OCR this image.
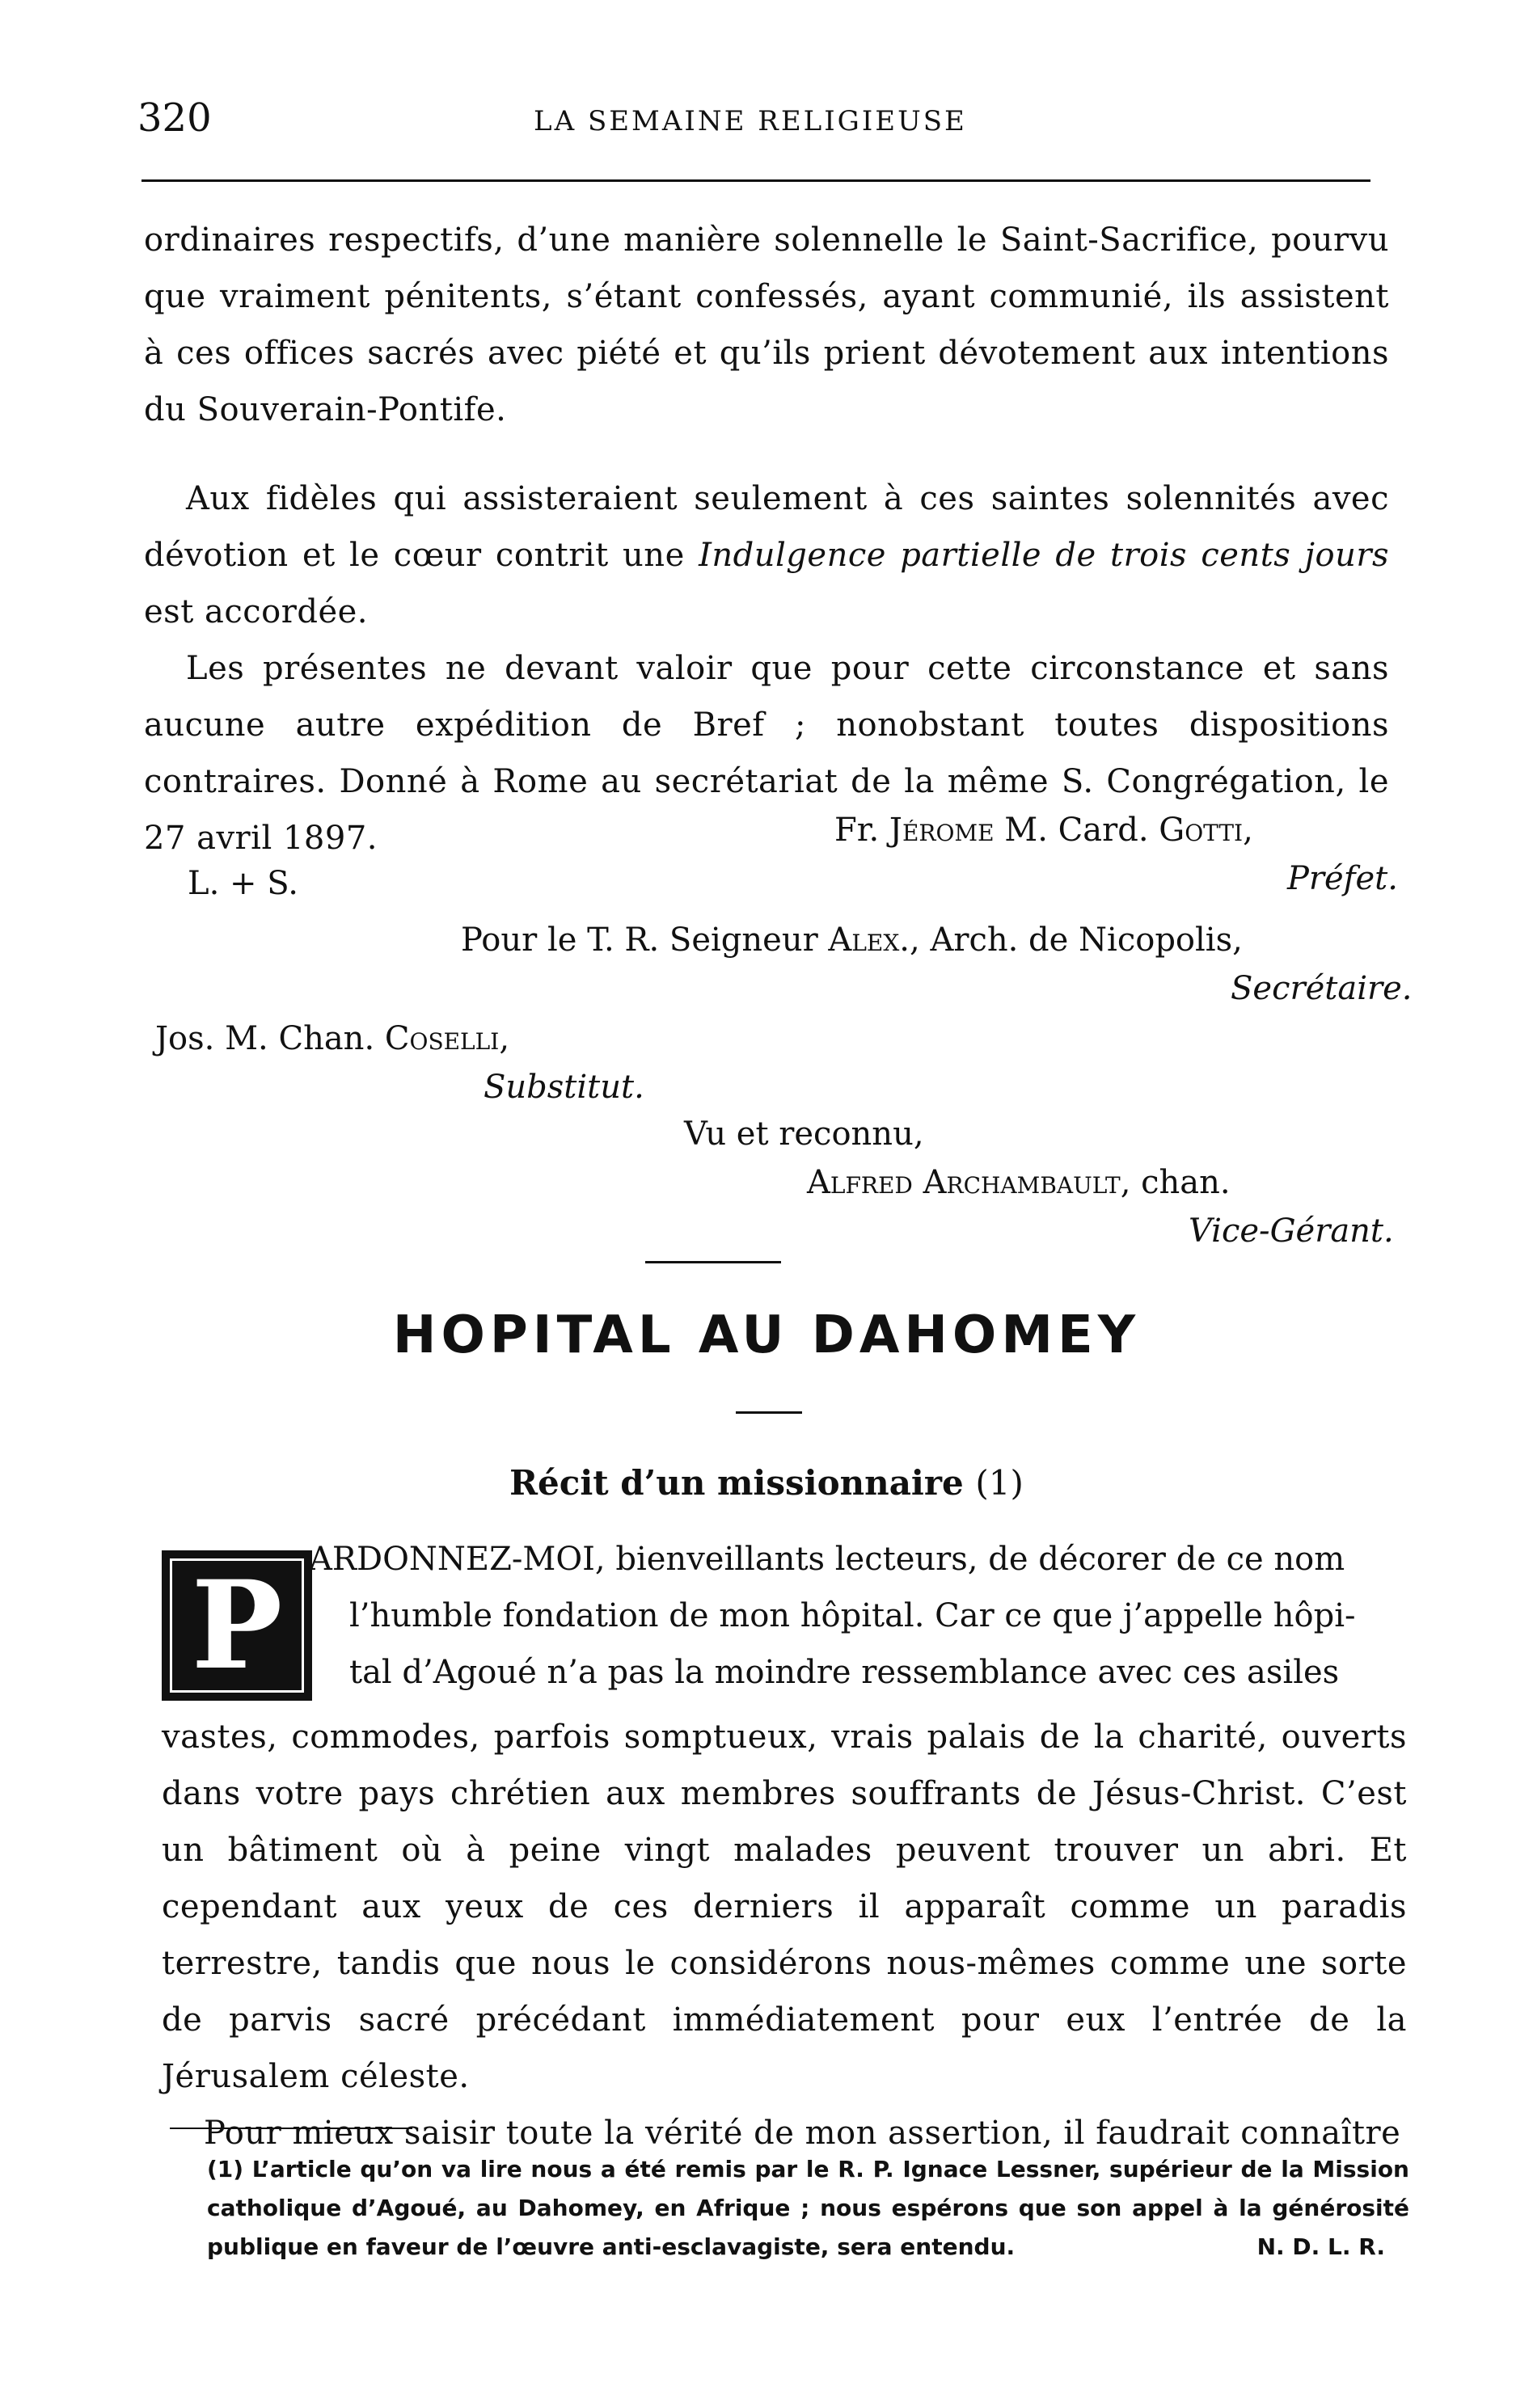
320	LA SEMAINE RELIGIEUSE
ordinaires respectifs, d’une manière solennelle le Saint-Sacrifice, pourvu que vraiment pénitents, s’étant confessés, ayant communié, ils assistent à ces offices sacrés avec piété et qu’ils prient dévotement aux intentions du Souverain-Pontife.

Aux fidèles qui assisteraient seulement à ces saintes solennités avec dévotion et le cœur contrit une Indulgence partielle de trois cents jours est accordée.

Les présentes ne devant valoir que pour cette circonstance et sans aucune autre expédition de Bref ; nonobstant toutes dispositions contraires. Donné à Rome au secrétariat de la même S. Congrégation, le 27 avril 1897.	Fr. Jérome M. Card. Gotti,
L. + S.	Préfet.
Pour le T. R. Seigneur Alex., Arch. de Nicopolis,
Secrétaire.
Jos. M. Chan. Coselli,
Substitut.
Vu et reconnu,
Alfred Archambault, chan.
Vice-Gérant.
HOPITAL AU DAHOMEY
Récit d’un missionnaire (1)
P ARDONNEZ-MOI, bienveillants lecteurs, de décorer de ce nom
l’humble fondation de mon hôpital. Car ce que j’appelle hôpi-
tal d’Agoué n’a pas la moindre ressemblance avec ces asiles

vastes, commodes, parfois somptueux, vrais palais de la charité, ouverts dans votre pays chrétien aux membres souffrants de Jésus-Christ. C’est un bâtiment où à peine vingt malades peuvent trouver un abri. Et cependant aux yeux de ces derniers il apparaît comme un paradis terrestre, tandis que nous le considérons nous-mêmes comme une sorte de parvis sacré précédant immédiatement pour eux l’entrée de la Jérusalem céleste.

Pour mieux saisir toute la vérité de mon assertion, il faudrait connaître

(1) L’article qu’on va lire nous a été remis par le R. P. Ignace Lessner, supérieur de la Mission catholique d’Agoué, au Dahomey, en Afrique ; nous espérons que son appel à la générosité publique en faveur de l’œuvre anti-esclavagiste, sera entendu.	N. D. L. R.
